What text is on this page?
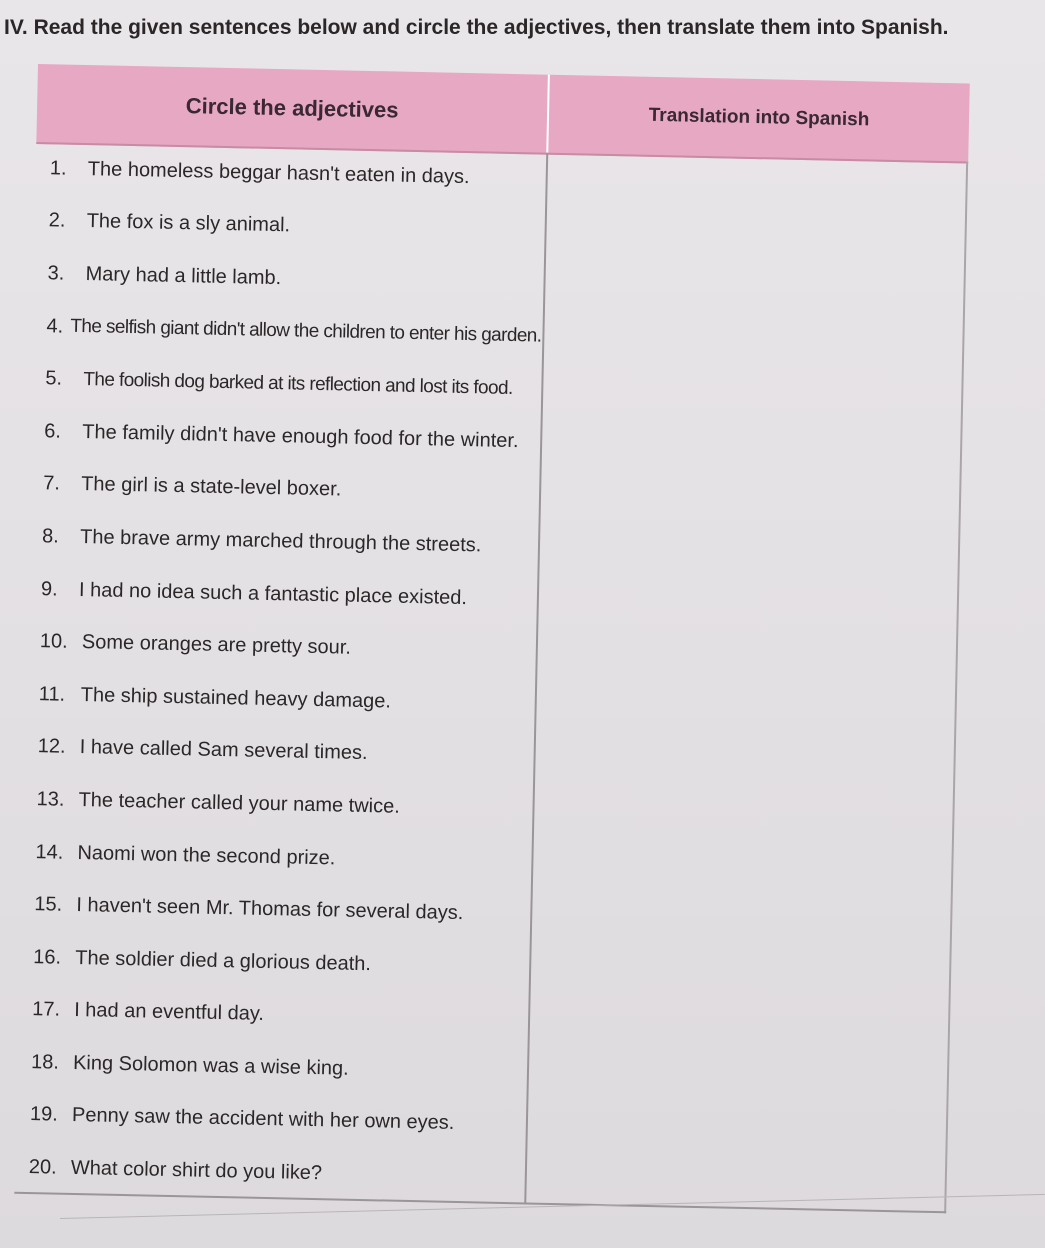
IV. Read the given sentences below and circle the adjectives, then translate them into Spanish.
Circle the adjectives	Translation into Spanish
1.	The homeless beggar hasn't eaten in days.
2.	The fox is a sly animal.
3.	Mary had a little lamb.
4. The selfish giant didn't allow the children to enter his garden.
5.	The foolish dog barked at its reflection and lost its food.
6.	The family didn't have enough food for the winter.
7.	The girl is a state-level boxer.
8.	The brave army marched through the streets.
9.	I had no idea such a fantastic place existed.
10. Some oranges are pretty sour.
11. The ship sustained heavy damage.
12. I have called Sam several times.
13. The teacher called your name twice.
14. Naomi won the second prize.
15. I haven't seen Mr. Thomas for several days.
16. The soldier died a glorious death.
17. I had an eventful day.
18. King Solomon was a wise king.
19. Penny saw the accident with her own eyes.
20. What color shirt do you like?
